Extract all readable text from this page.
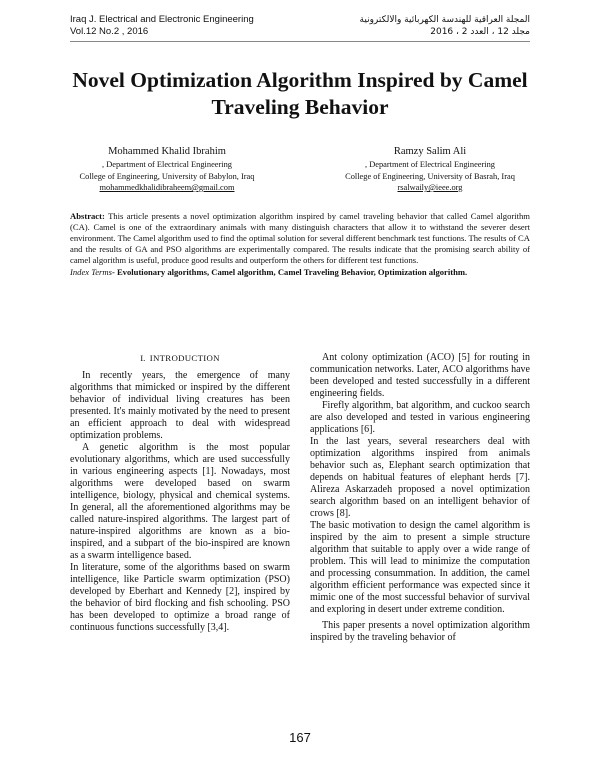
Iraq J. Electrical and Electronic Engineering
Vol.12 No.2 , 2016
المجلة العراقية للهندسة الكهربائية والالكترونية
مجلد 12 ، العدد 2 ، 2016
Novel Optimization Algorithm Inspired by Camel
Traveling Behavior
Mohammed Khalid Ibrahim
, Department of Electrical Engineering
College of Engineering, University of Babylon, Iraq
mohammedkhalidibraheem@gmail.com
Ramzy Salim Ali
, Department of Electrical Engineering
College of Engineering, University of Basrah, Iraq
rsalwaily@ieee.org
Abstract: This article presents a novel optimization algorithm inspired by camel traveling behavior that called Camel algorithm (CA). Camel is one of the extraordinary animals with many distinguish characters that allow it to withstand the severer desert environment. The Camel algorithm used to find the optimal solution for several different benchmark test functions. The results of CA and the results of GA and PSO algorithms are experimentally compared. The results indicate that the promising search ability of camel algorithm is useful, produce good results and outperform the others for different test functions.
Index Terms- Evolutionary algorithms, Camel algorithm, Camel Traveling Behavior, Optimization algorithm.
I. INTRODUCTION

In recently years, the emergence of many algorithms that mimicked or inspired by the different behavior of individual living creatures has been presented. It's mainly motivated by the need to present an efficient approach to deal with widespread optimization problems.

A genetic algorithm is the most popular evolutionary algorithms, which are used successfully in various engineering aspects [1]. Nowadays, most algorithms were developed based on swarm intelligence, biology, physical and chemical systems. In general, all the aforementioned algorithms may be called nature-inspired algorithms. The largest part of nature-inspired algorithms are known as a bio-inspired, and a subpart of the bio-inspired are known as a swarm intelligence based.

In literature, some of the algorithms based on swarm intelligence, like Particle swarm optimization (PSO) developed by Eberhart and Kennedy [2], inspired by the behavior of bird flocking and fish schooling. PSO has been developed to optimize a broad range of continuous functions successfully [3,4].

Ant colony optimization (ACO) [5] for routing in communication networks. Later, ACO algorithms have been developed and tested successfully in a different engineering fields.

Firefly algorithm, bat algorithm, and cuckoo search are also developed and tested in various engineering applications [6].

In the last years, several researchers deal with optimization algorithms inspired from animals behavior such as, Elephant search optimization that depends on habitual features of elephant herds [7]. Alireza Askarzadeh proposed a novel optimization search algorithm based on an intelligent behavior of crows [8].

The basic motivation to design the camel algorithm is inspired by the aim to present a simple structure algorithm that suitable to apply over a wide range of problem. This will lead to minimize the computation and processing consummation. In addition, the camel algorithm efficient performance was expected since it mimic one of the most successful behavior of survival and exploring in desert under extreme condition.

This paper presents a novel optimization algorithm inspired by the traveling behavior of

167
